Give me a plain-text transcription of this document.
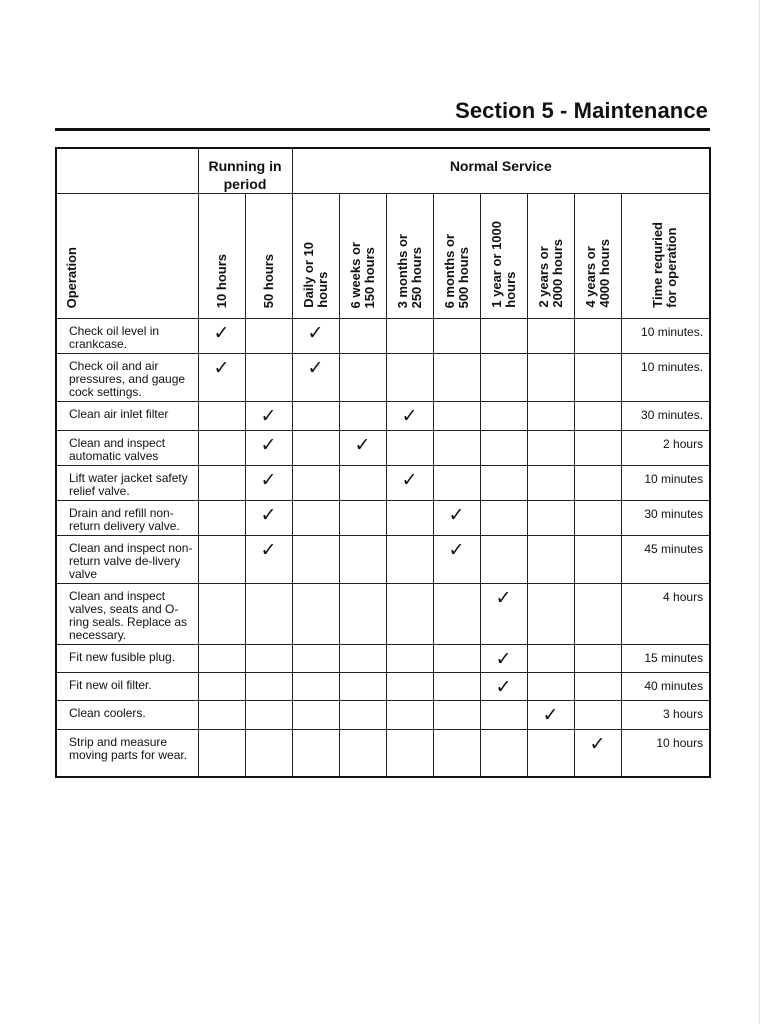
Section 5 - Maintenance
	Running in
period		Normal Service							

Operation	10 hours	50 hours	Daily or 10
hours	6 weeks or
150 hours	3 months or
250 hours	6 months or
500 hours	1 year or 1000
hours	2 years or
2000 hours	4 years or
4000 hours	Time requried
for operation

Check oil level in crankcase.	✓		✓							10 minutes.
Check oil and air pressures, and gauge cock settings.	✓		✓							10 minutes.
Clean air inlet filter		✓			✓					30 minutes.
Clean and inspect automatic valves		✓		✓						2 hours
Lift water jacket safety relief valve.		✓			✓					10 minutes
Drain and refill non-return delivery valve.		✓				✓				30 minutes
Clean and inspect non-return valve de-livery valve		✓				✓				45 minutes
Clean and inspect valves, seats and O-ring seals. Replace as necessary.							✓			4 hours
Fit new fusible plug.							✓			15 minutes
Fit new oil filter.							✓			40 minutes
Clean coolers.								✓		3 hours
Strip and measure moving parts for wear.									✓	10 hours
